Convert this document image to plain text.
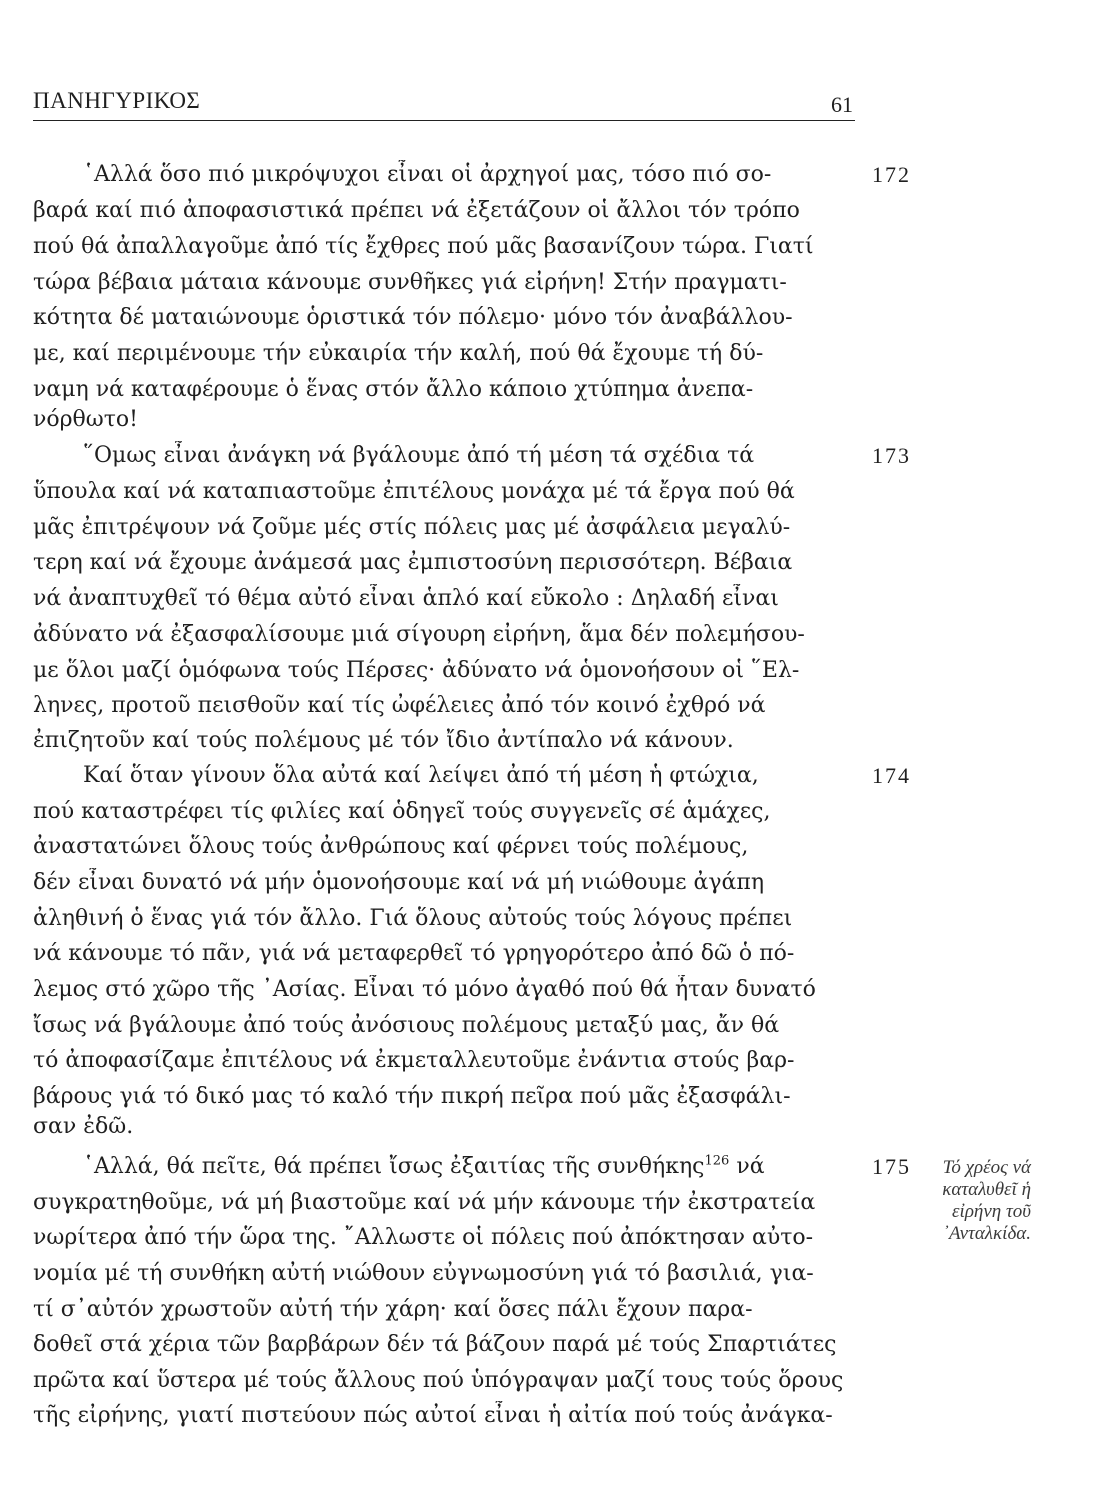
ΠΑΝΗΓΥΡΙΚΟΣ	61
172
173
174
175
῾Αλλά ὅσο πιό μικρόψυχοι εἶναι οἱ ἀρχηγοί μας, τόσο πιό σο-
βαρά καί πιό ἀποφασιστικά πρέπει νά ἐξετάζουν οἱ ἄλλοι τόν τρόπο
πού θά ἀπαλλαγοῦμε ἀπό τίς ἔχθρες πού μᾶς βασανίζουν τώρα. Γιατί
τώρα βέβαια μάταια κάνουμε συνθῆκες γιά εἰρήνη! Στήν πραγματι-
κότητα δέ ματαιώνουμε ὁριστικά τόν πόλεμο· μόνο τόν ἀναβάλλου-
με, καί περιμένουμε τήν εὐκαιρία τήν καλή, πού θά ἔχουμε τή δύ-
ναμη νά καταφέρουμε ὁ ἕνας στόν ἄλλο κάποιο χτύπημα ἀνεπα-
νόρθωτο!
῞Ομως εἶναι ἀνάγκη νά βγάλουμε ἀπό τή μέση τά σχέδια τά
ὕπουλα καί νά καταπιαστοῦμε ἐπιτέλους μονάχα μέ τά ἔργα πού θά
μᾶς ἐπιτρέψουν νά ζοῦμε μές στίς πόλεις μας μέ ἀσφάλεια μεγαλύ-
τερη καί νά ἔχουμε ἀνάμεσά μας ἐμπιστοσύνη περισσότερη. Βέβαια
νά ἀναπτυχθεῖ τό θέμα αὐτό εἶναι ἁπλό καί εὔκολο : Δηλαδή εἶναι
ἀδύνατο νά ἐξασφαλίσουμε μιά σίγουρη εἰρήνη, ἅμα δέν πολεμήσου-
με ὅλοι μαζί ὁμόφωνα τούς Πέρσες· ἀδύνατο νά ὁμονοήσουν οἱ ῞Ελ-
ληνες, προτοῦ πεισθοῦν καί τίς ὠφέλειες ἀπό τόν κοινό ἐχθρό νά
ἐπιζητοῦν καί τούς πολέμους μέ τόν ἴδιο ἀντίπαλο νά κάνουν.
Καί ὅταν γίνουν ὅλα αὐτά καί λείψει ἀπό τή μέση ἡ φτώχια,
πού καταστρέφει τίς φιλίες καί ὁδηγεῖ τούς συγγενεῖς σέ ἁμάχες,
ἀναστατώνει ὅλους τούς ἀνθρώπους καί φέρνει τούς πολέμους,
δέν εἶναι δυνατό νά μήν ὁμονοήσουμε καί νά μή νιώθουμε ἀγάπη
ἀληθινή ὁ ἕνας γιά τόν ἄλλο. Γιά ὅλους αὐτούς τούς λόγους πρέπει
νά κάνουμε τό πᾶν, γιά νά μεταφερθεῖ τό γρηγορότερο ἀπό δῶ ὁ πό-
λεμος στό χῶρο τῆς ᾿Ασίας. Εἶναι τό μόνο ἀγαθό πού θά ἦταν δυνατό
ἴσως νά βγάλουμε ἀπό τούς ἀνόσιους πολέμους μεταξύ μας, ἄν θά
τό ἀποφασίζαμε ἐπιτέλους νά ἐκμεταλλευτοῦμε ἐνάντια στούς βαρ-
βάρους γιά τό δικό μας τό καλό τήν πικρή πεῖρα πού μᾶς ἐξασφάλι-
σαν ἐδῶ.
῾Αλλά, θά πεῖτε, θά πρέπει ἴσως ἐξαιτίας τῆς συνθήκης$^{126}$ νά
συγκρατηθοῦμε, νά μή βιαστοῦμε καί νά μήν κάνουμε τήν ἐκστρατεία
νωρίτερα ἀπό τήν ὥρα της. ῎Αλλωστε οἱ πόλεις πού ἀπόκτησαν αὐτο-
νομία μέ τή συνθήκη αὐτή νιώθουν εὐγνωμοσύνη γιά τό βασιλιά, για-
τί σ᾿αὐτόν χρωστοῦν αὐτή τήν χάρη· καί ὅσες πάλι ἔχουν παρα-
δοθεῖ στά χέρια τῶν βαρβάρων δέν τά βάζουν παρά μέ τούς Σπαρτιάτες
πρῶτα καί ὕστερα μέ τούς ἄλλους πού ὑπόγραψαν μαζί τους τούς ὅρους
τῆς εἰρήνης, γιατί πιστεύουν πώς αὐτοί εἶναι ἡ αἰτία πού τούς ἀνάγκα-
Τό χρέος νά
καταλυθεῖ ἡ
εἰρήνη τοῦ
᾿Ανταλκίδα.
